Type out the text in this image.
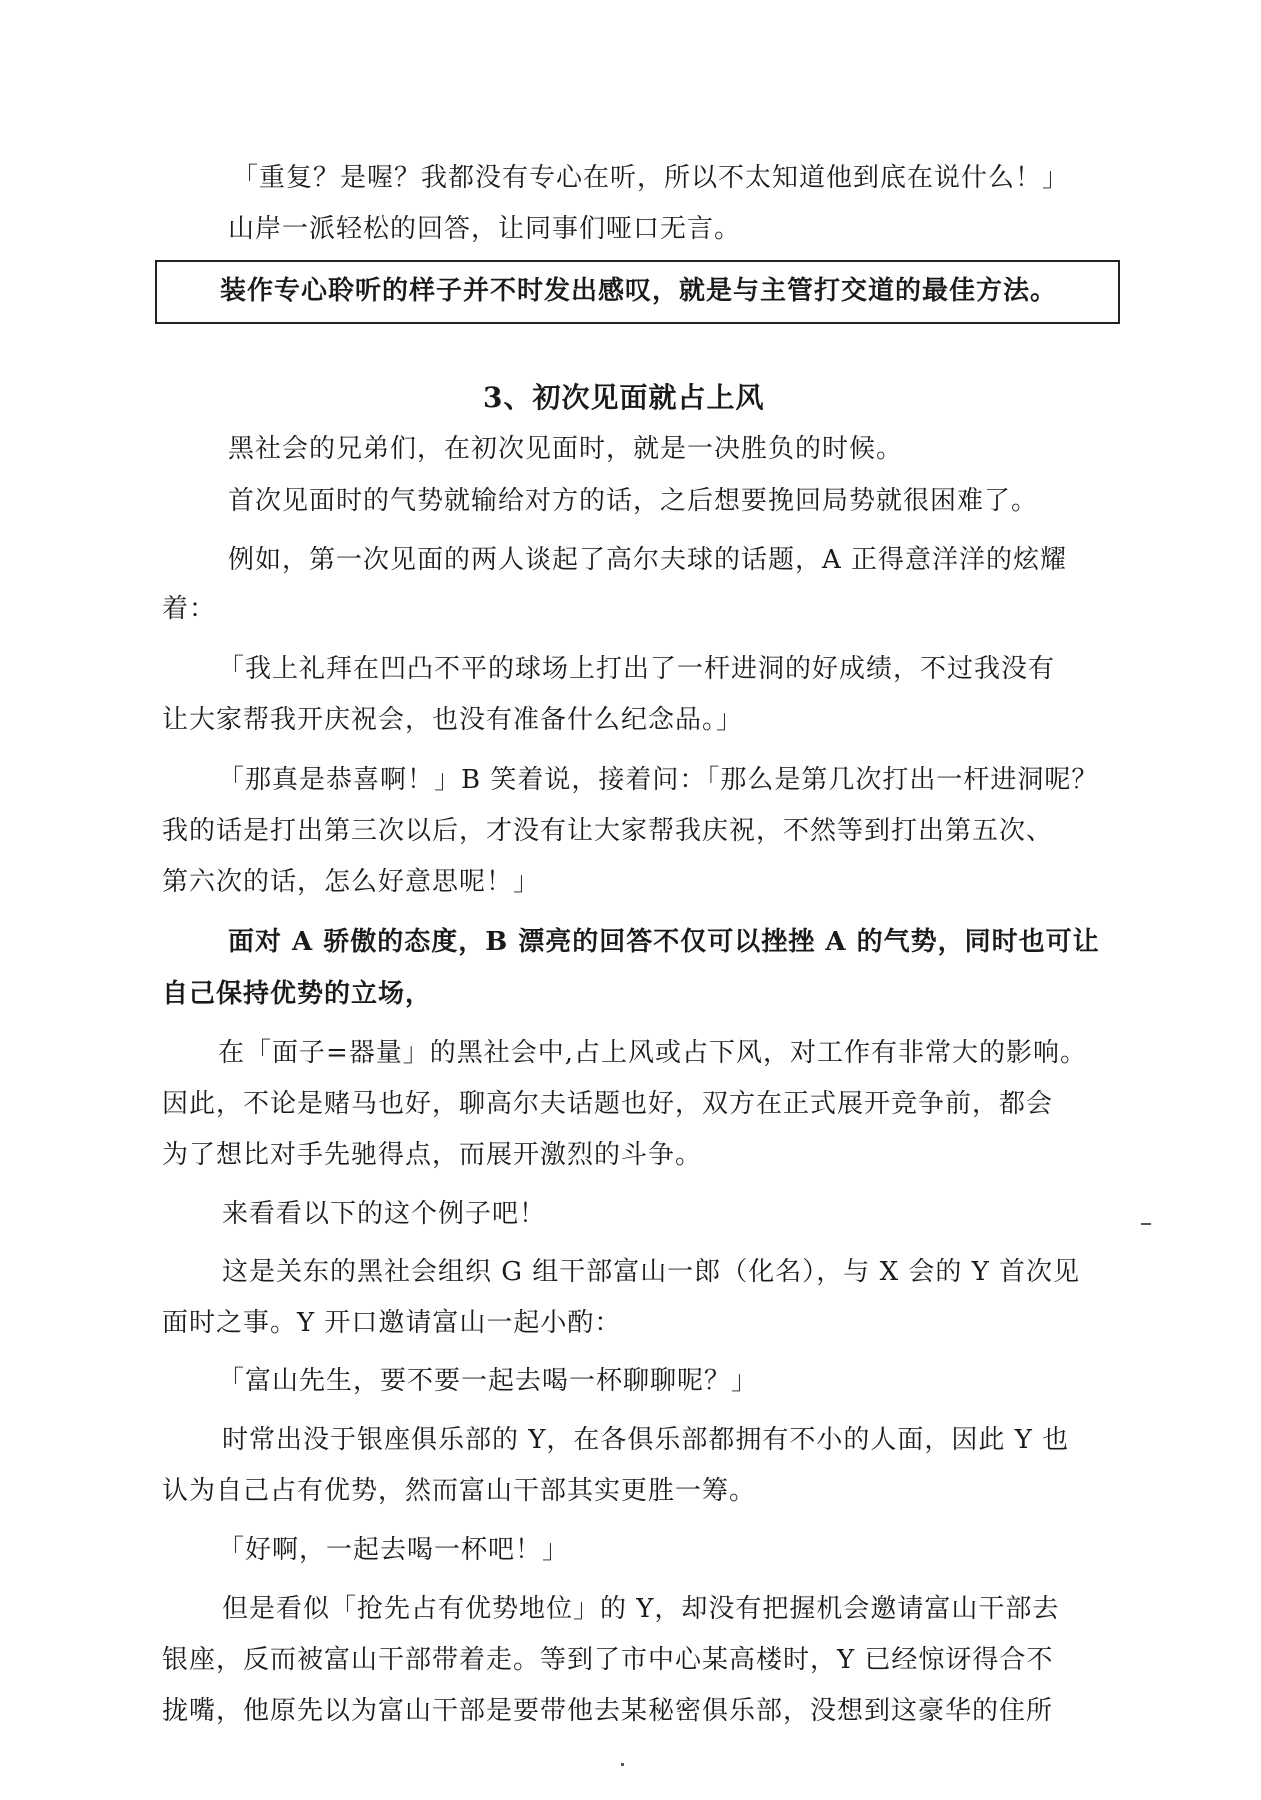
「重复？是喔？我都没有专心在听，所以不太知道他到底在说什么！」
山岸一派轻松的回答，让同事们哑口无言。
装作专心聆听的样子并不时发出感叹，就是与主管打交道的最佳方法。
3、初次见面就占上风
黑社会的兄弟们，在初次见面时，就是一决胜负的时候。
首次见面时的气势就输给对方的话，之后想要挽回局势就很困难了。
例如，第一次见面的两人谈起了高尔夫球的话题，A 正得意洋洋的炫耀
着：
「我上礼拜在凹凸不平的球场上打出了一杆进洞的好成绩，不过我没有
让大家帮我开庆祝会，也没有准备什么纪念品。」
「那真是恭喜啊！」B 笑着说，接着问：「那么是第几次打出一杆进洞呢？
我的话是打出第三次以后，才没有让大家帮我庆祝，不然等到打出第五次、
第六次的话，怎么好意思呢！」
面对 A 骄傲的态度，B 漂亮的回答不仅可以挫挫 A 的气势，同时也可让
自己保持优势的立场，
在「面子=器量」的黑社会中,占上风或占下风，对工作有非常大的影响。
因此，不论是赌马也好，聊高尔夫话题也好，双方在正式展开竞争前，都会
为了想比对手先驰得点，而展开激烈的斗争。
来看看以下的这个例子吧！
这是关东的黑社会组织 G 组干部富山一郎（化名），与 X 会的 Y 首次见
面时之事。Y 开口邀请富山一起小酌：
「富山先生，要不要一起去喝一杯聊聊呢？」
时常出没于银座俱乐部的 Y，在各俱乐部都拥有不小的人面，因此 Y 也
认为自己占有优势，然而富山干部其实更胜一筹。
「好啊，一起去喝一杯吧！」
但是看似「抢先占有优势地位」的 Y，却没有把握机会邀请富山干部去
银座，反而被富山干部带着走。等到了市中心某高楼时，Y 已经惊讶得合不
拢嘴，他原先以为富山干部是要带他去某秘密俱乐部，没想到这豪华的住所
